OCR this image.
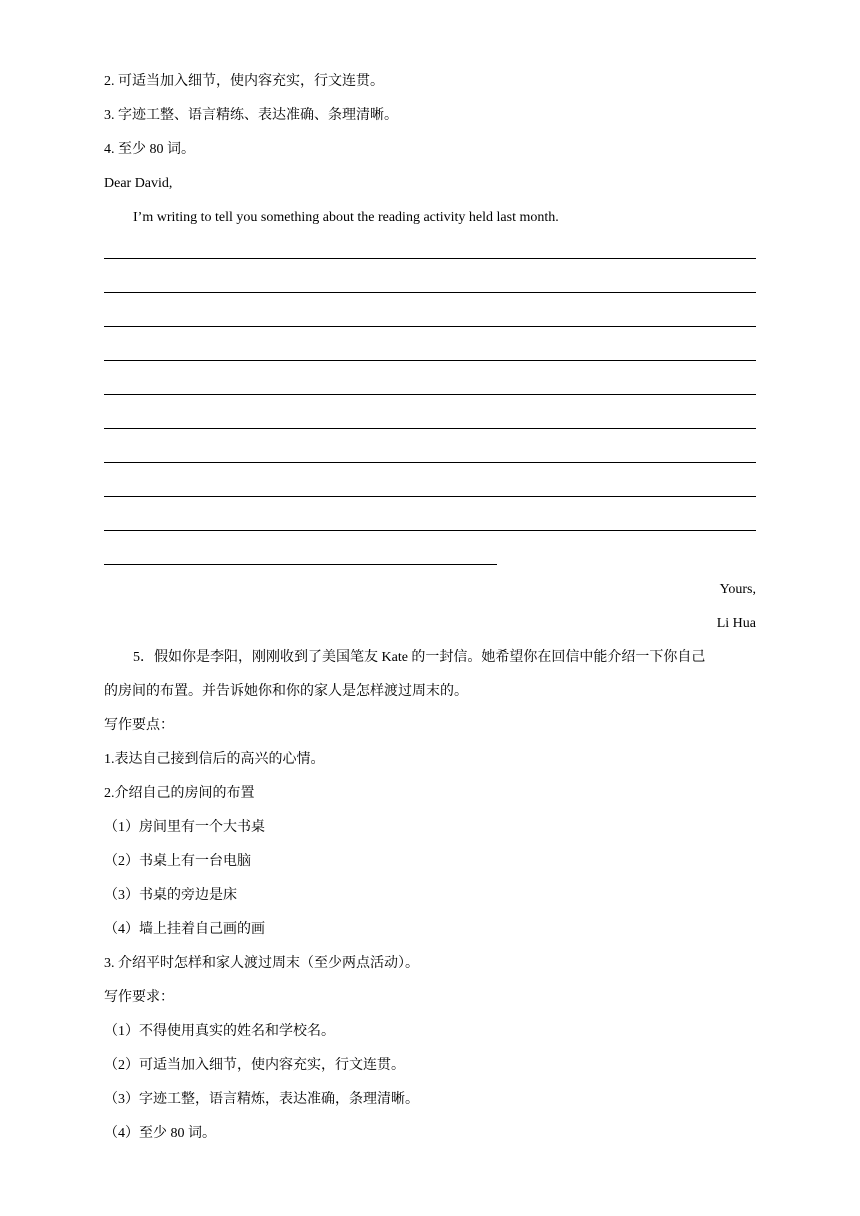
2. 可适当加入细节，使内容充实，行文连贯。
3. 字迹工整、语言精练、表达准确、条理清晰。
4. 至少 80 词。
Dear David,
I’m writing to tell you something about the reading activity held last month.
Yours,
Li Hua
5．假如你是李阳，刚刚收到了美国笔友 Kate 的一封信。她希望你在回信中能介绍一下你自己
的房间的布置。并告诉她你和你的家人是怎样渡过周末的。
写作要点：
1.表达自己接到信后的高兴的心情。
2.介绍自己的房间的布置
（1）房间里有一个大书桌
（2）书桌上有一台电脑
（3）书桌的旁边是床
（4）墙上挂着自己画的画
3. 介绍平时怎样和家人渡过周末（至少两点活动）。
写作要求：
（1）不得使用真实的姓名和学校名。
（2）可适当加入细节，使内容充实，行文连贯。
（3）字迹工整，语言精炼，表达准确，条理清晰。
（4）至少 80 词。
